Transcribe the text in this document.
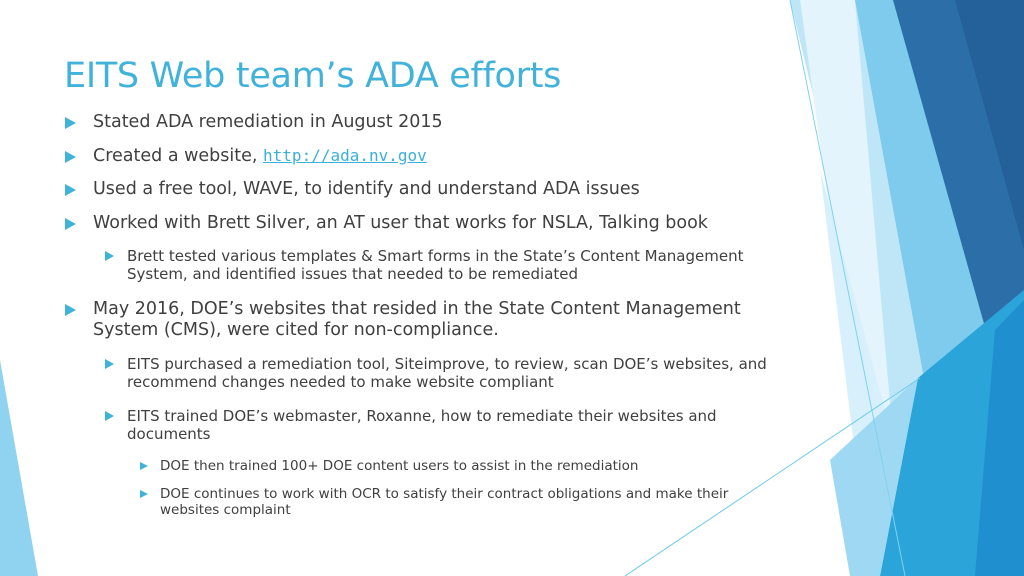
EITS Web team’s ADA efforts
Stated ADA remediation in August 2015
Created a website, http://ada.nv.gov
Used a free tool, WAVE, to identify and understand ADA issues
Worked with Brett Silver, an AT user that works for NSLA, Talking book
Brett tested various templates & Smart forms in the State’s Content Management System, and identified issues that needed to be remediated
May 2016, DOE’s websites that resided in the State Content Management System (CMS), were cited for non-compliance.
EITS purchased a remediation tool, Siteimprove, to review, scan DOE’s websites, and recommend changes needed to make website compliant
EITS trained DOE’s webmaster, Roxanne, how to remediate their websites and documents
DOE then trained 100+ DOE content users to assist in the remediation
DOE continues to work with OCR to satisfy their contract obligations and make their websites complaint
